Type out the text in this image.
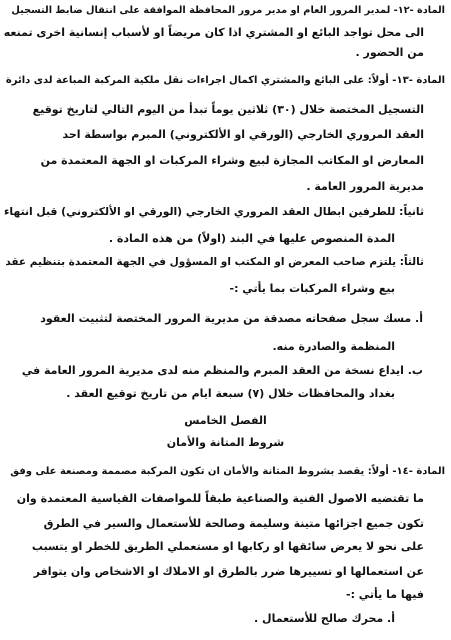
المادة -١٢- لمدير المرور العام او مدير مرور المحافظة الموافقة على انتقال ضابط التسجيل
الى محل تواجد البائع او المشتري اذا كان مريضاً او لأسباب إنسانية اخرى تمنعه
من الحضور .
المادة -١٣- أولاً: على البائع والمشتري اكمال اجراءات نقل ملكية المركبة المباعة لدى دائرة
التسجيل المختصة خلال (٣٠) ثلاثين يوماً تبدأ من اليوم التالي لتاريخ توقيع
العقد المروري الخارجي (الورقي او الألكتروني) المبرم بواسطة احد
المعارض او المكاتب المجازة لبيع وشراء المركبات او الجهة المعتمدة من
مديرية المرور العامة .
ثانياً: للطرفين ابطال العقد المروري الخارجي (الورقي او الألكتروني) قبل انتهاء
المدة المنصوص عليها في البند (اولاً) من هذه المادة .
ثالثاً: يلتزم صاحب المعرض او المكتب او المسؤول في الجهة المعتمدة بتنظيم عقد
بيع وشراء المركبات بما يأتي :-
أ. مسك سجل صفحاته مصدقة من مديرية المرور المختصة لتثبيت العقود
المنظمة والصادرة منه.
ب. ايداع نسخة من العقد المبرم والمنظم منه لدى مديرية المرور العامة في
بغداد والمحافظات خلال (٧) سبعة ايام من تاريخ توقيع العقد .
الفصل الخامس
شروط المتانة والأمان
المادة -١٤- أولاً: يقصد بشروط المتانة والأمان ان تكون المركبة مصممة ومصنعة على وفق
ما تقتضيه الاصول الفنية والصناعية طبقاً للمواصفات القياسية المعتمدة وان
تكون جميع اجزائها متينة وسليمة وصالحة للأستعمال والسير في الطرق
على نحو لا يعرض سائقها او ركابها او مستعملي الطريق للخطر او يتسبب
عن استعمالها او تسييرها ضرر بالطرق او الاملاك او الاشخاص وان يتوافر
فيها ما يأتي :-
أ. محرك صالح للأستعمال .
